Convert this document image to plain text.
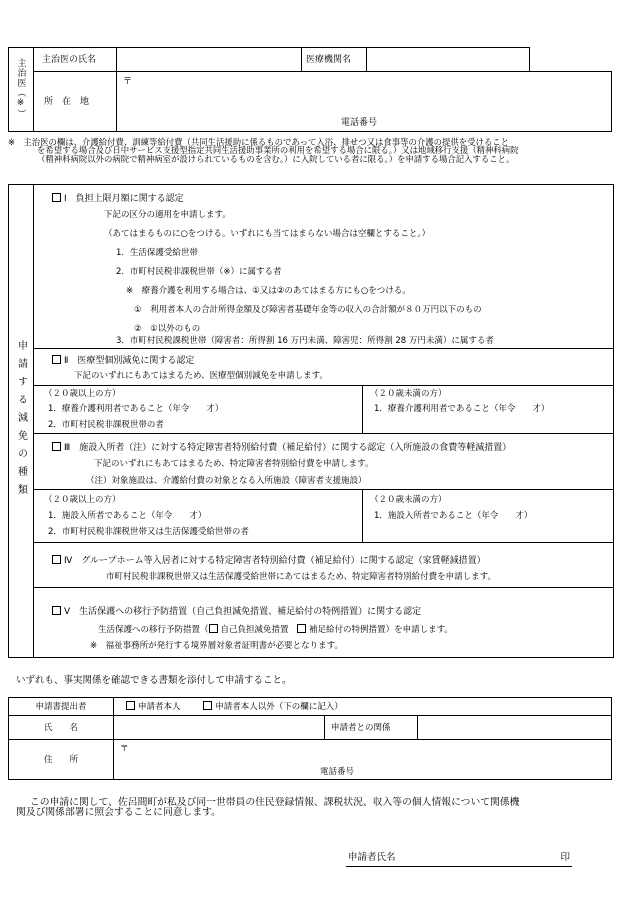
主治医（※）	主治医の氏名		医療機関名		
	所　在　地	〒
電話番号			

※　主治医の欄は、介護給付費、訓練等給付費（共同生活援助に係るものであって入浴、排せつ又は食事等の介護の提供を受けること
を希望する場合及び日中サービス支援型指定共同生活援助事業所の利用を希望する場合に限る。）又は地域移行支援（精神科病院
（精神科病院以外の病院で精神病室が設けられているものを含む。）に入院している者に限る。）を申請する場合記入すること。
申請する減免の種類
Ⅰ　負担上限月額に関する認定
下記の区分の適用を申請します。
（あてはまるものに○をつける。いずれにも当てはまらない場合は空欄とすること。）
1．生活保護受給世帯
2．市町村民税非課税世帯（※）に属する者
※　療養介護を利用する場合は、①又は②のあてはまる方にも○をつける。
①　利用者本人の合計所得金額及び障害者基礎年金等の収入の合計額が８０万円以下のもの
②　①以外のもの
3．市町村民税課税世帯（障害者：所得割 16 万円未満、障害児：所得割 28 万円未満）に属する者
Ⅱ　医療型個別減免に関する認定
下記のいずれにもあてはまるため、医療型個別減免を申請します。
（２０歳以上の方）
1．療養介護利用者であること（年令　　才）
2．市町村民税非課税世帯の者
（２０歳未満の方）
1．療養介護利用者であること（年令　　才）
Ⅲ　施設入所者（注）に対する特定障害者特別給付費（補足給付）に関する認定（入所施設の食費等軽減措置）
下記のいずれにもあてはまるため、特定障害者特別給付費を申請します。
（注）対象施設は、介護給付費の対象となる入所施設（障害者支援施設）
（２０歳以上の方）
1．施設入所者であること（年令　　才）
2．市町村民税非課税世帯又は生活保護受給世帯の者
（２０歳未満の方）
1．施設入所者であること（年令　　才）
Ⅳ　グループホーム等入居者に対する特定障害者特別給付費（補足給付）に関する認定（家賃軽減措置）
市町村民税非課税世帯又は生活保護受給世帯にあてはまるため、特定障害者特別給付費を申請します。
Ⅴ　生活保護への移行予防措置（自己負担減免措置、補足給付の特例措置）に関する認定
生活保護への移行予防措置（ 自己負担減免措置　 補足給付の特例措置）を申請します。
※　福祉事務所が発行する境界層対象者証明書が必要となります。
いずれも、事実関係を確認できる書類を添付して申請すること。
申請書提出者	申請者本人 申請者本人以外（下の欄に記入）		
氏　　名		申請者との関係	
住　　所	〒
電話番号		
この申請に関して、佐呂間町が私及び同一世帯員の住民登録情報、課税状況、収入等の個人情報について関係機
関及び関係部署に照会することに同意します。
申請者氏名	印
